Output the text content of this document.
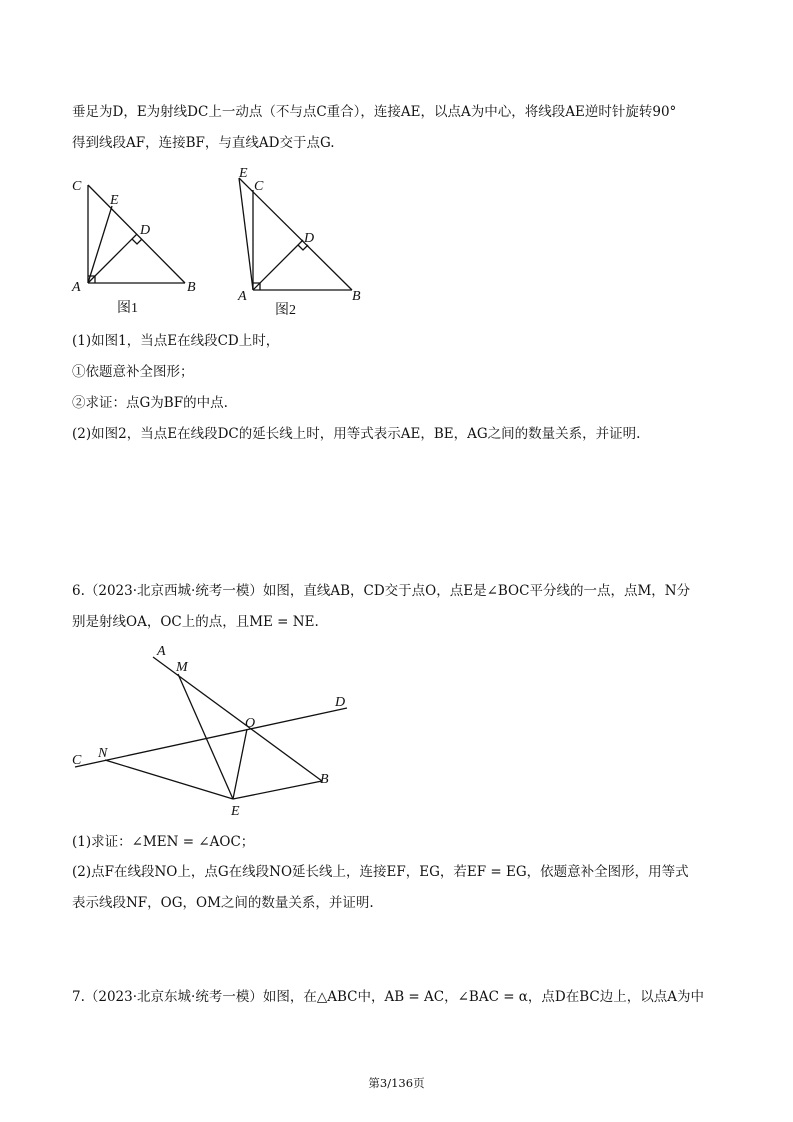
垂足为D，E为射线DC上一动点（不与点C重合），连接AE，以点A为中心，将线段AE逆时针旋转90°
得到线段AF，连接BF，与直线AD交于点G.
C
E
D
A	B
图1
E
C
D
A	B
图2
(1)如图1，当点E在线段CD上时，
①依题意补全图形；
②求证：点G为BF的中点.
(2)如图2，当点E在线段DC的延长线上时，用等式表示AE，BE，AG之间的数量关系，并证明.
6.（2023·北京西城·统考一模）如图，直线AB，CD交于点O，点E是∠BOC平分线的一点，点M，N分
别是射线OA，OC上的点，且ME = NE.
A
M
D
O
N
C
B
E
(1)求证：∠MEN = ∠AOC；
(2)点F在线段NO上，点G在线段NO延长线上，连接EF，EG，若EF = EG，依题意补全图形，用等式
表示线段NF，OG，OM之间的数量关系，并证明.
7.（2023·北京东城·统考一模）如图，在△ABC中，AB = AC，∠BAC = α，点D在BC边上，以点A为中
第3/136页
